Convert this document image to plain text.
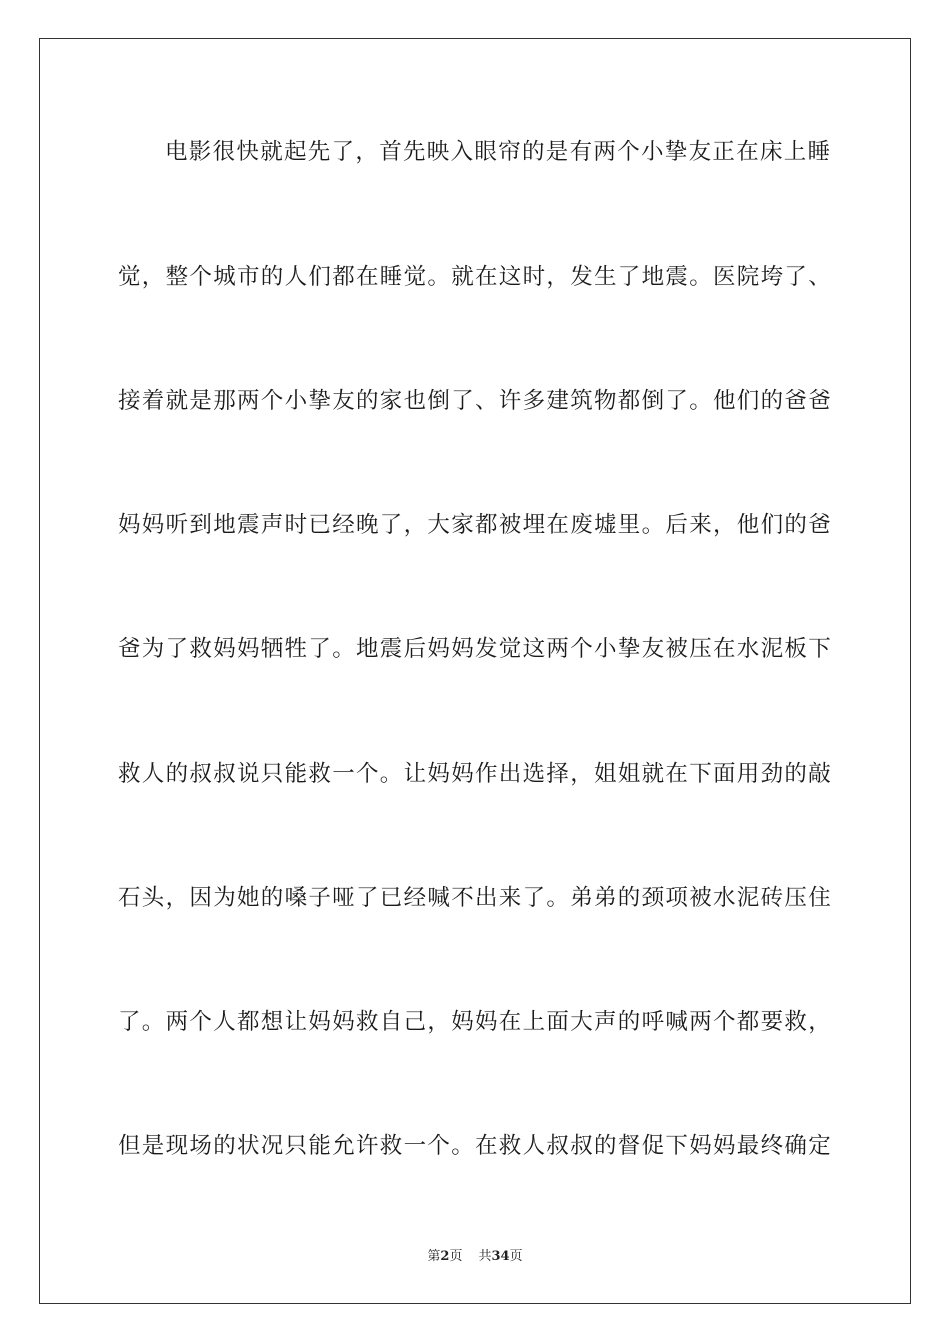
电影很快就起先了，首先映入眼帘的是有两个小挚友正在床上睡
觉，整个城市的人们都在睡觉。就在这时，发生了地震。医院垮了、
接着就是那两个小挚友的家也倒了、许多建筑物都倒了。他们的爸爸
妈妈听到地震声时已经晚了，大家都被埋在废墟里。后来，他们的爸
爸为了救妈妈牺牲了。地震后妈妈发觉这两个小挚友被压在水泥板下
救人的叔叔说只能救一个。让妈妈作出选择，姐姐就在下面用劲的敲
石头，因为她的嗓子哑了已经喊不出来了。弟弟的颈项被水泥砖压住
了。两个人都想让妈妈救自己，妈妈在上面大声的呼喊两个都要救，
但是现场的状况只能允许救一个。在救人叔叔的督促下妈妈最终确定
第2页 共34页
